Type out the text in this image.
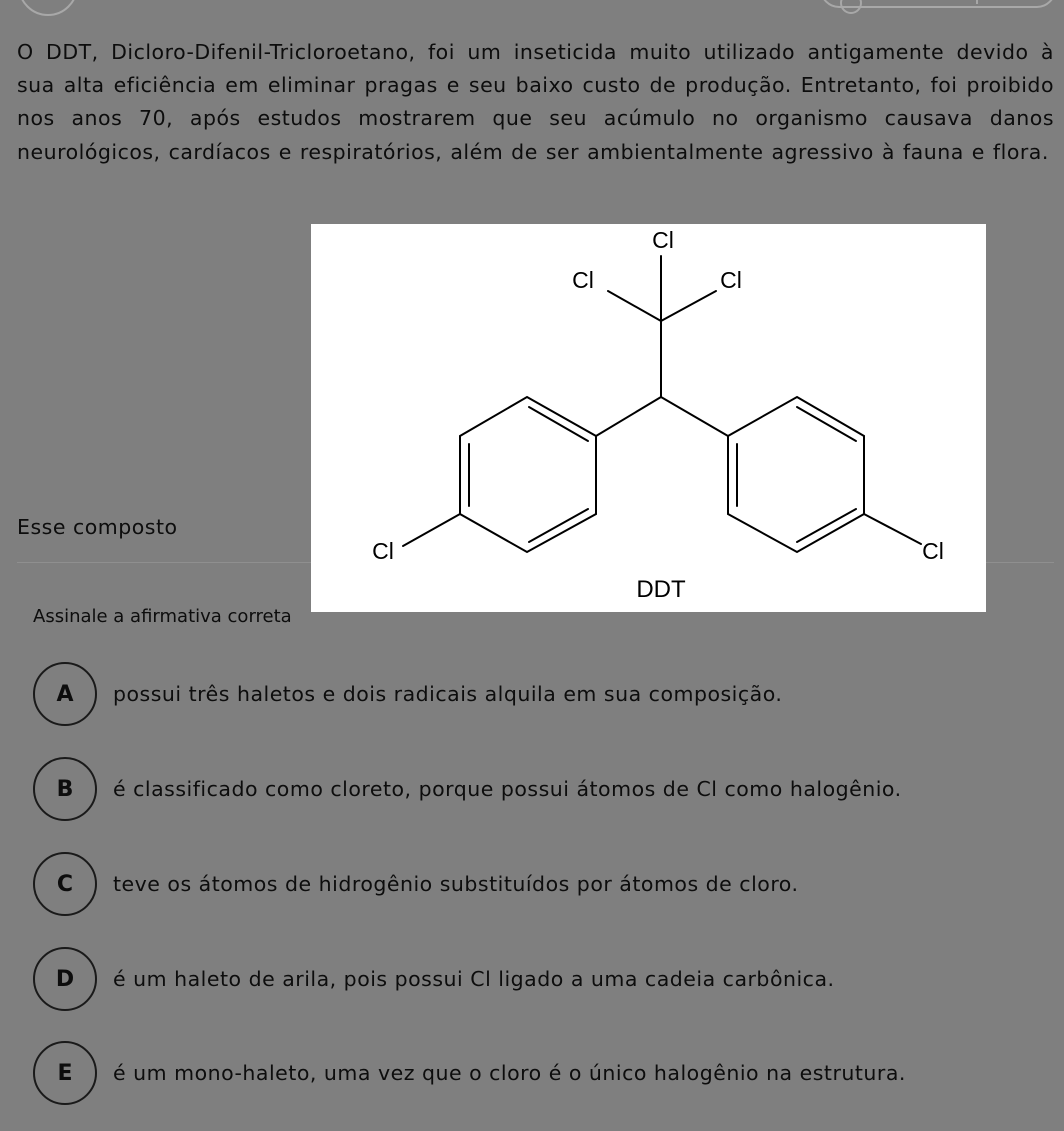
O DDT, Dicloro-Difenil-Tricloroetano, foi um inseticida muito utilizado antigamente devido à sua alta eficiência em eliminar pragas e seu baixo custo de produção. Entretanto, foi proibido nos anos 70, após estudos mostrarem que seu acúmulo no organismo causava danos neurológicos, cardíacos e respiratórios, além de ser ambientalmente agressivo à fauna e flora.

Esse composto

Assinale a afirmativa correta

Cl
Cl	Cl
Cl	Cl
DDT
A	possui três haletos e dois radicais alquila em sua composição.
B	é classificado como cloreto, porque possui átomos de Cl como halogênio.
C	teve os átomos de hidrogênio substituídos por átomos de cloro.
D	é um haleto de arila, pois possui Cl ligado a uma cadeia carbônica.
E	é um mono-haleto, uma vez que o cloro é o único halogênio na estrutura.
